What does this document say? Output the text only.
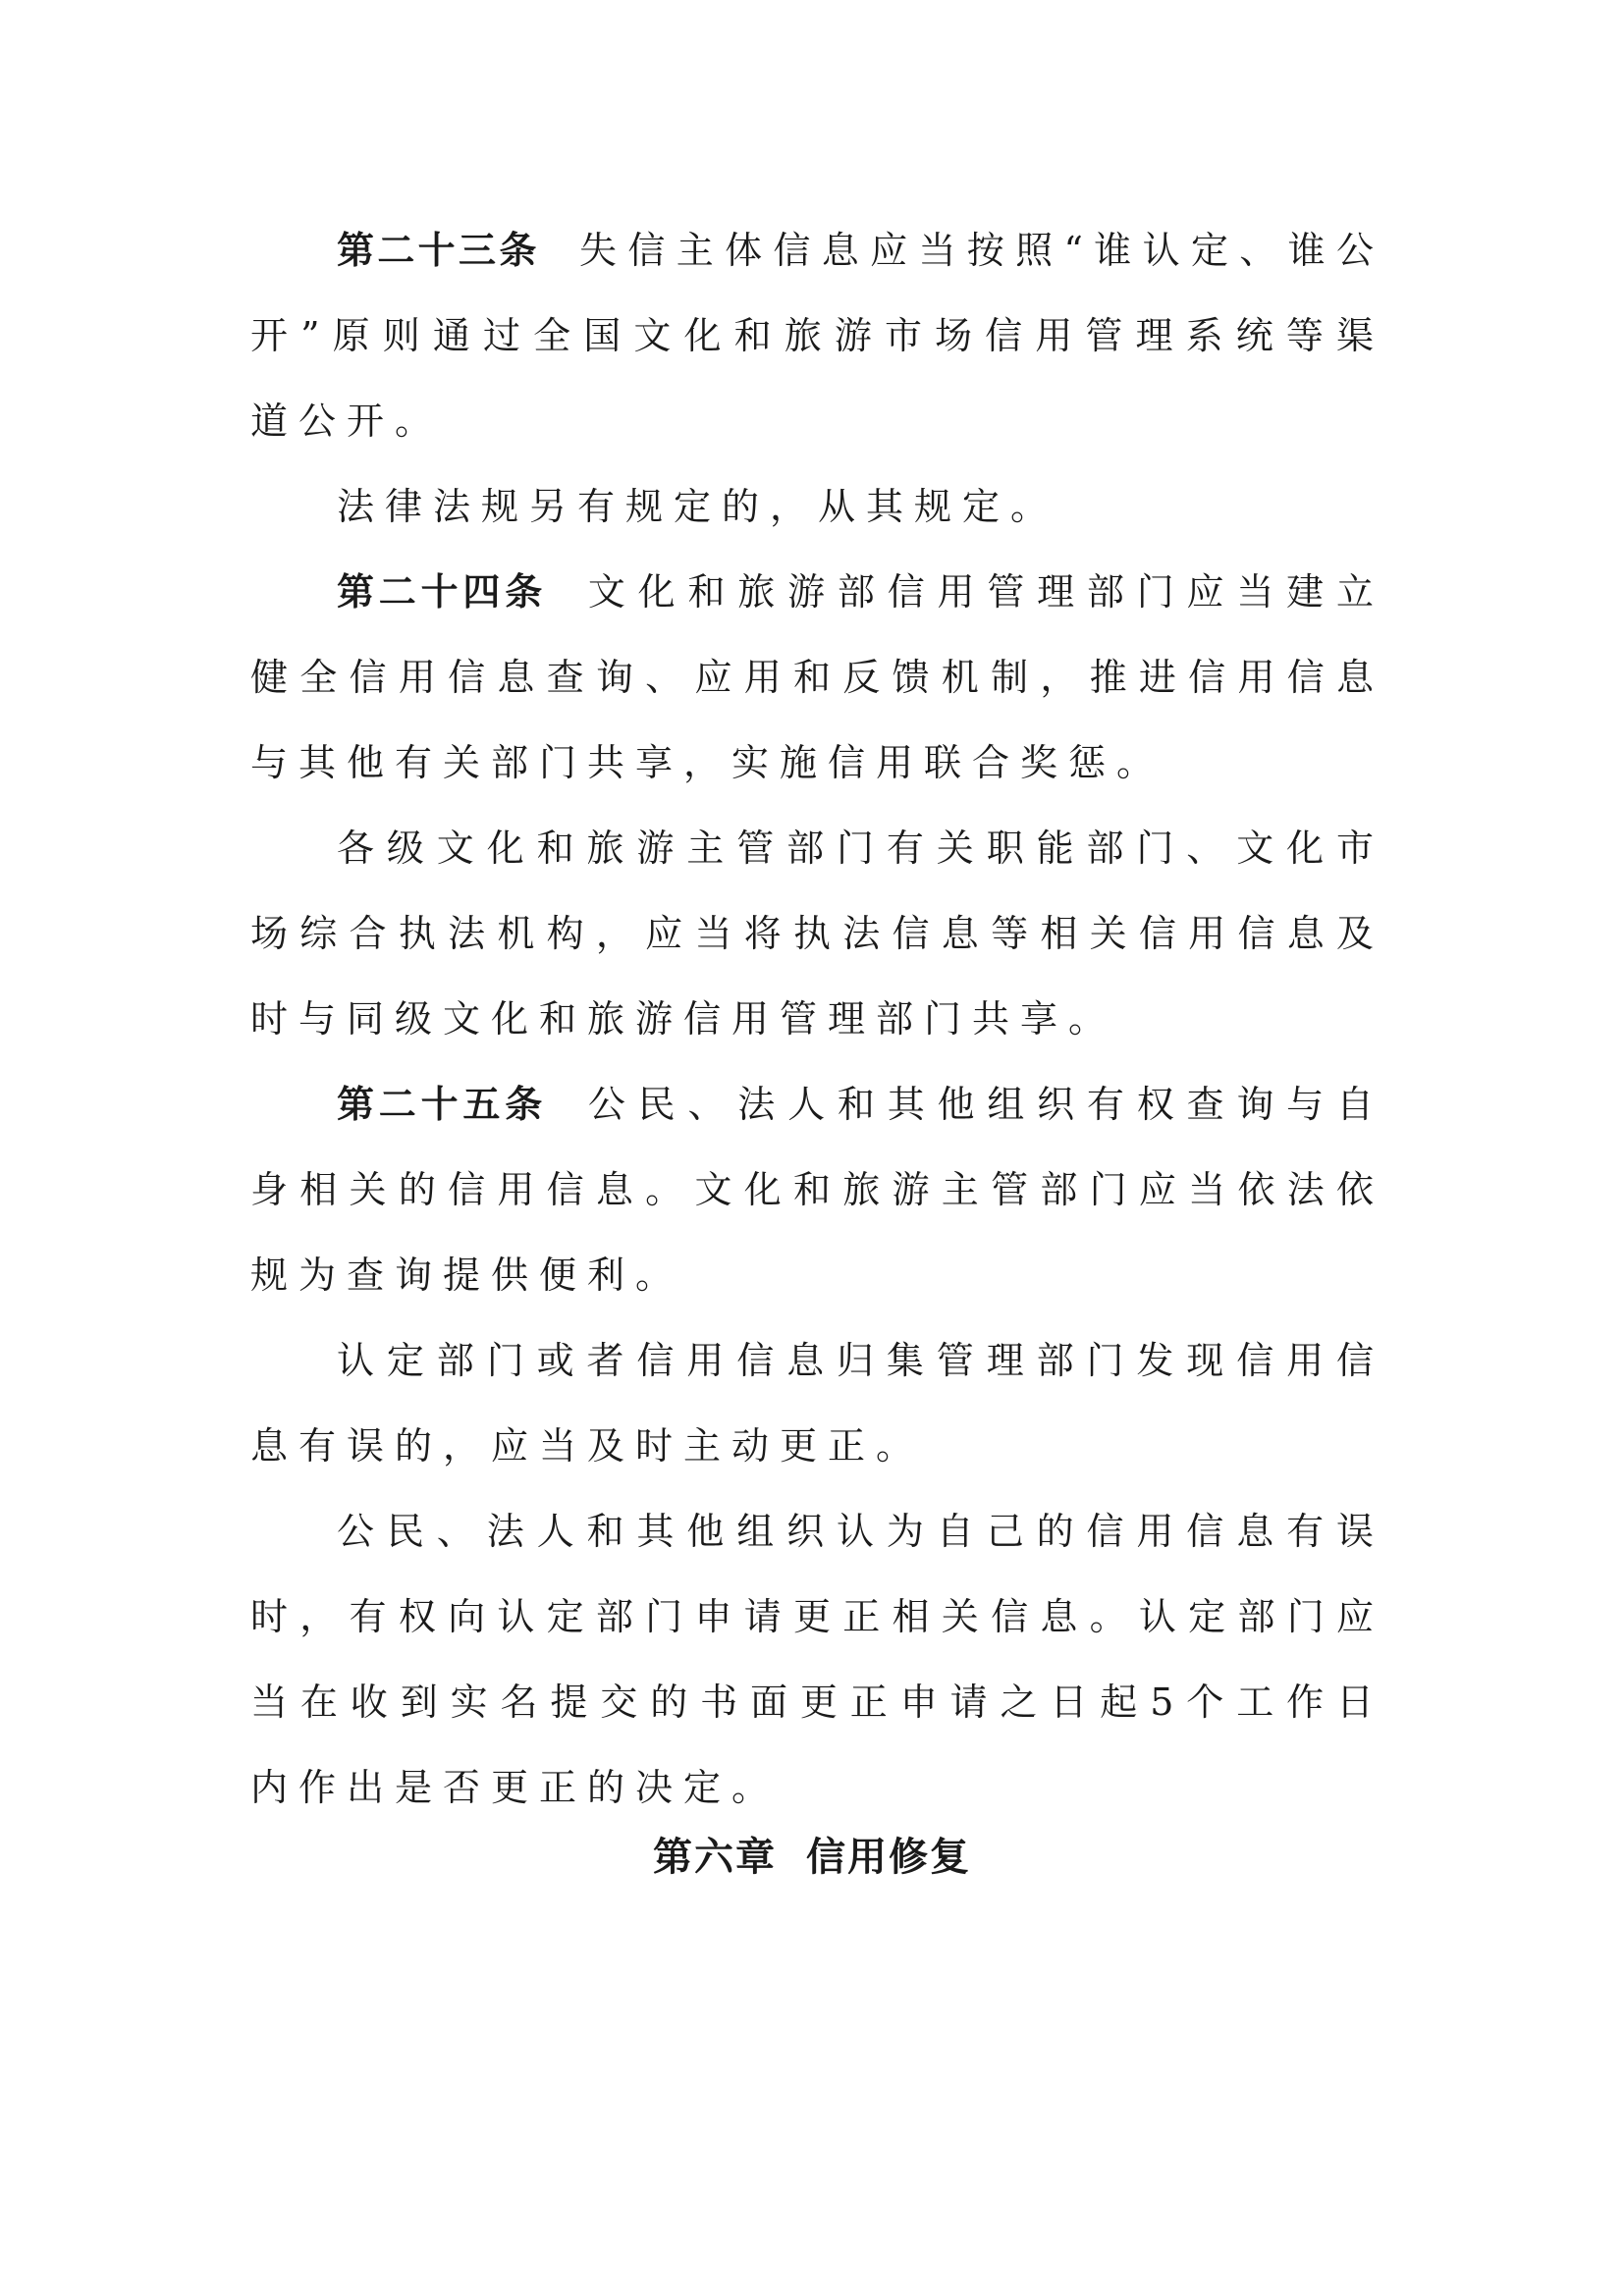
第二十三条 失信主体信息应当按照“谁认定、谁公开”原则通过全国文化和旅游市场信用管理系统等渠道公开。

法律法规另有规定的，从其规定。

第二十四条 文化和旅游部信用管理部门应当建立健全信用信息查询、应用和反馈机制，推进信用信息与其他有关部门共享，实施信用联合奖惩。

各级文化和旅游主管部门有关职能部门、文化市场综合执法机构，应当将执法信息等相关信用信息及时与同级文化和旅游信用管理部门共享。

第二十五条 公民、法人和其他组织有权查询与自身相关的信用信息。文化和旅游主管部门应当依法依规为查询提供便利。

认定部门或者信用信息归集管理部门发现信用信息有误的，应当及时主动更正。

公民、法人和其他组织认为自己的信用信息有误时，有权向认定部门申请更正相关信息。认定部门应当在收到实名提交的书面更正申请之日起5个工作日内作出是否更正的决定。

第六章 信用修复
